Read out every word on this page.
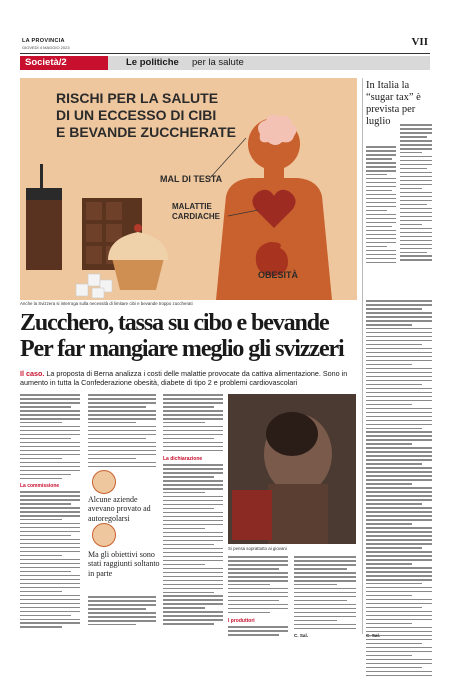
LA PROVINCIA
GIOVEDÌ 4 MAGGIO 2023	VII
Società/2	Le politiche per la salute
RISCHI PER LA SALUTE
DI UN ECCESSO DI CIBI
E BEVANDE ZUCCHERATE
MAL DI TESTA
MALATTIE
CARDIACHE
OBESITÀ
Anche la Svizzera si interroga sulla necessità di limitare cibi e bevande troppo zuccherati
In Italia la “sugar tax” è prevista per luglio
Zucchero, tassa su cibo e bevande
Per far mangiare meglio gli svizzeri
Il caso. La proposta di Berna analizza i costi delle malattie provocate da cattiva alimentazione. Sono in aumento in tutta la Confederazione obesità, diabete di tipo 2 e problemi cardiovascolari
La commissione
Alcune aziende avevano provato ad autoregolarsi
Ma gli obiettivi sono stati raggiunti soltanto in parte
La dichiarazione
Si pensa soprattutto ai giovani
I produttori
C. Sal.	C. Sal.
